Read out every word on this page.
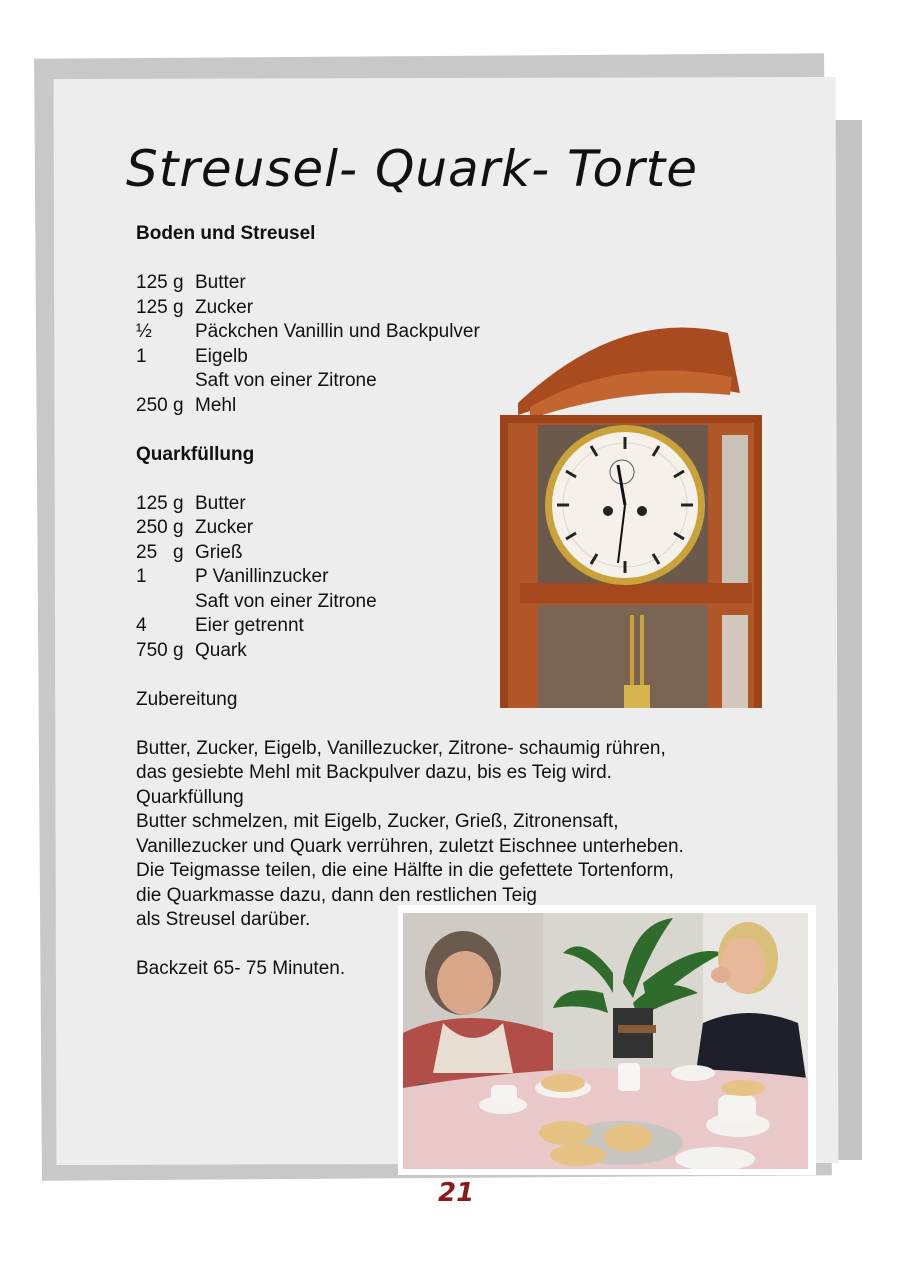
Streusel- Quark- Torte
Boden und Streusel
125 g Butter
125 g Zucker
½	Päckchen Vanillin und Backpulver
1	Eigelb
Saft von einer Zitrone
250 g Mehl
Quarkfüllung
125 g Butter
250 g Zucker
25   g Grieß
1	P Vanillinzucker
Saft von einer Zitrone
4	Eier getrennt
750 g Quark
Zubereitung

Butter, Zucker, Eigelb, Vanillezucker, Zitrone- schaumig rühren,

das gesiebte Mehl mit Backpulver dazu, bis es Teig wird.

Quarkfüllung

Butter schmelzen, mit Eigelb, Zucker, Grieß, Zitronensaft,

Vanillezucker und Quark verrühren, zuletzt Eischnee unterheben.

Die Teigmasse teilen, die eine Hälfte in die gefettete Tortenform,

die Quarkmasse dazu, dann den restlichen Teig

als Streusel darüber.

Backzeit 65- 75 Minuten.
21
